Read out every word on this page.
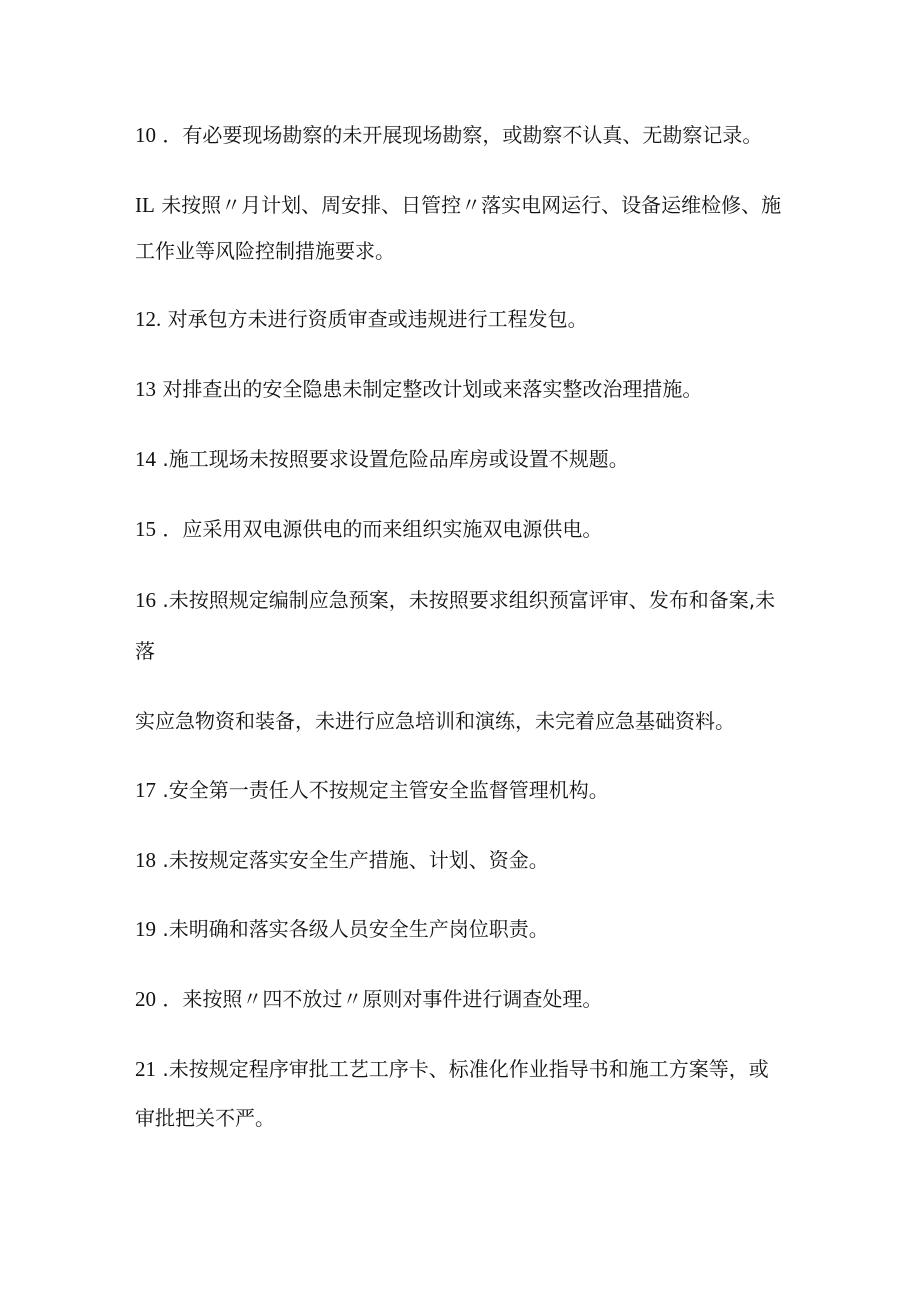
10 ．有必要现场勘察的未开展现场勘察，或勘察不认真、无勘察记录。
IL 未按照〃月计划、周安排、日管控〃落实电网运行、设备运维检修、施
工作业等风险控制措施要求。
12. 对承包方未进行资质审查或违规进行工程发包。
13 对排查出的安全隐患未制定整改计划或来落实整改治理措施。
14 .施工现场未按照要求设置危险品库房或设置不规题。
15 ．应采用双电源供电的而来组织实施双电源供电。
16 .未按照规定编制应急预案，未按照要求组织预富评审、发布和备案,未
落
实应急物资和装备，未进行应急培训和演练，未完着应急基础资料。
17 .安全第一责任人不按规定主管安全监督管理机构。
18 .未按规定落实安全生产措施、计划、资金。
19 .未明确和落实各级人员安全生产岗位职责。
20 ．来按照〃四不放过〃原则对事件进行调查处理。
21 .未按规定程序审批工艺工序卡、标准化作业指导书和施工方案等，或
审批把关不严。
